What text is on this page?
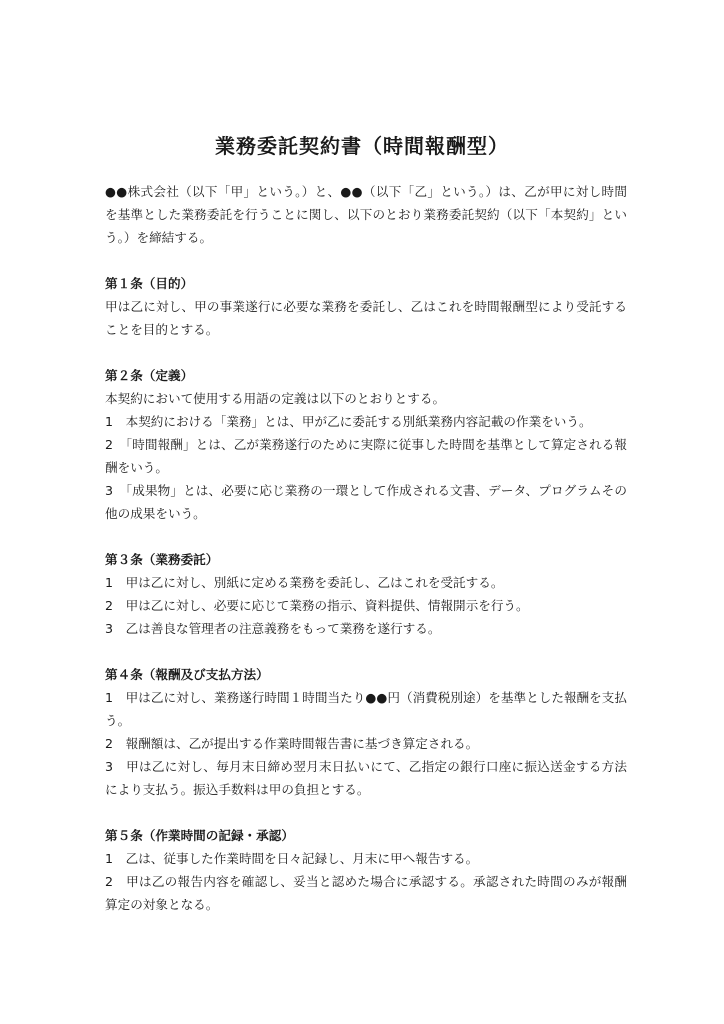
業務委託契約書（時間報酬型）

●●株式会社（以下「甲」という。）と、●●（以下「乙」という。）は、乙が甲に対し時間を基準とした業務委託を行うことに関し、以下のとおり業務委託契約（以下「本契約」という。）を締結する。

第１条（目的）

甲は乙に対し、甲の事業遂行に必要な業務を委託し、乙はこれを時間報酬型により受託することを目的とする。

第２条（定義）

本契約において使用する用語の定義は以下のとおりとする。

1　本契約における「業務」とは、甲が乙に委託する別紙業務内容記載の作業をいう。

2　「時間報酬」とは、乙が業務遂行のために実際に従事した時間を基準として算定される報酬をいう。

3　「成果物」とは、必要に応じ業務の一環として作成される文書、データ、プログラムその他の成果をいう。

第３条（業務委託）

1　甲は乙に対し、別紙に定める業務を委託し、乙はこれを受託する。

2　甲は乙に対し、必要に応じて業務の指示、資料提供、情報開示を行う。

3　乙は善良な管理者の注意義務をもって業務を遂行する。

第４条（報酬及び支払方法）

1　甲は乙に対し、業務遂行時間１時間当たり●●円（消費税別途）を基準とした報酬を支払う。

2　報酬額は、乙が提出する作業時間報告書に基づき算定される。

3　甲は乙に対し、毎月末日締め翌月末日払いにて、乙指定の銀行口座に振込送金する方法により支払う。振込手数料は甲の負担とする。

第５条（作業時間の記録・承認）

1　乙は、従事した作業時間を日々記録し、月末に甲へ報告する。

2　甲は乙の報告内容を確認し、妥当と認めた場合に承認する。承認された時間のみが報酬算定の対象となる。
